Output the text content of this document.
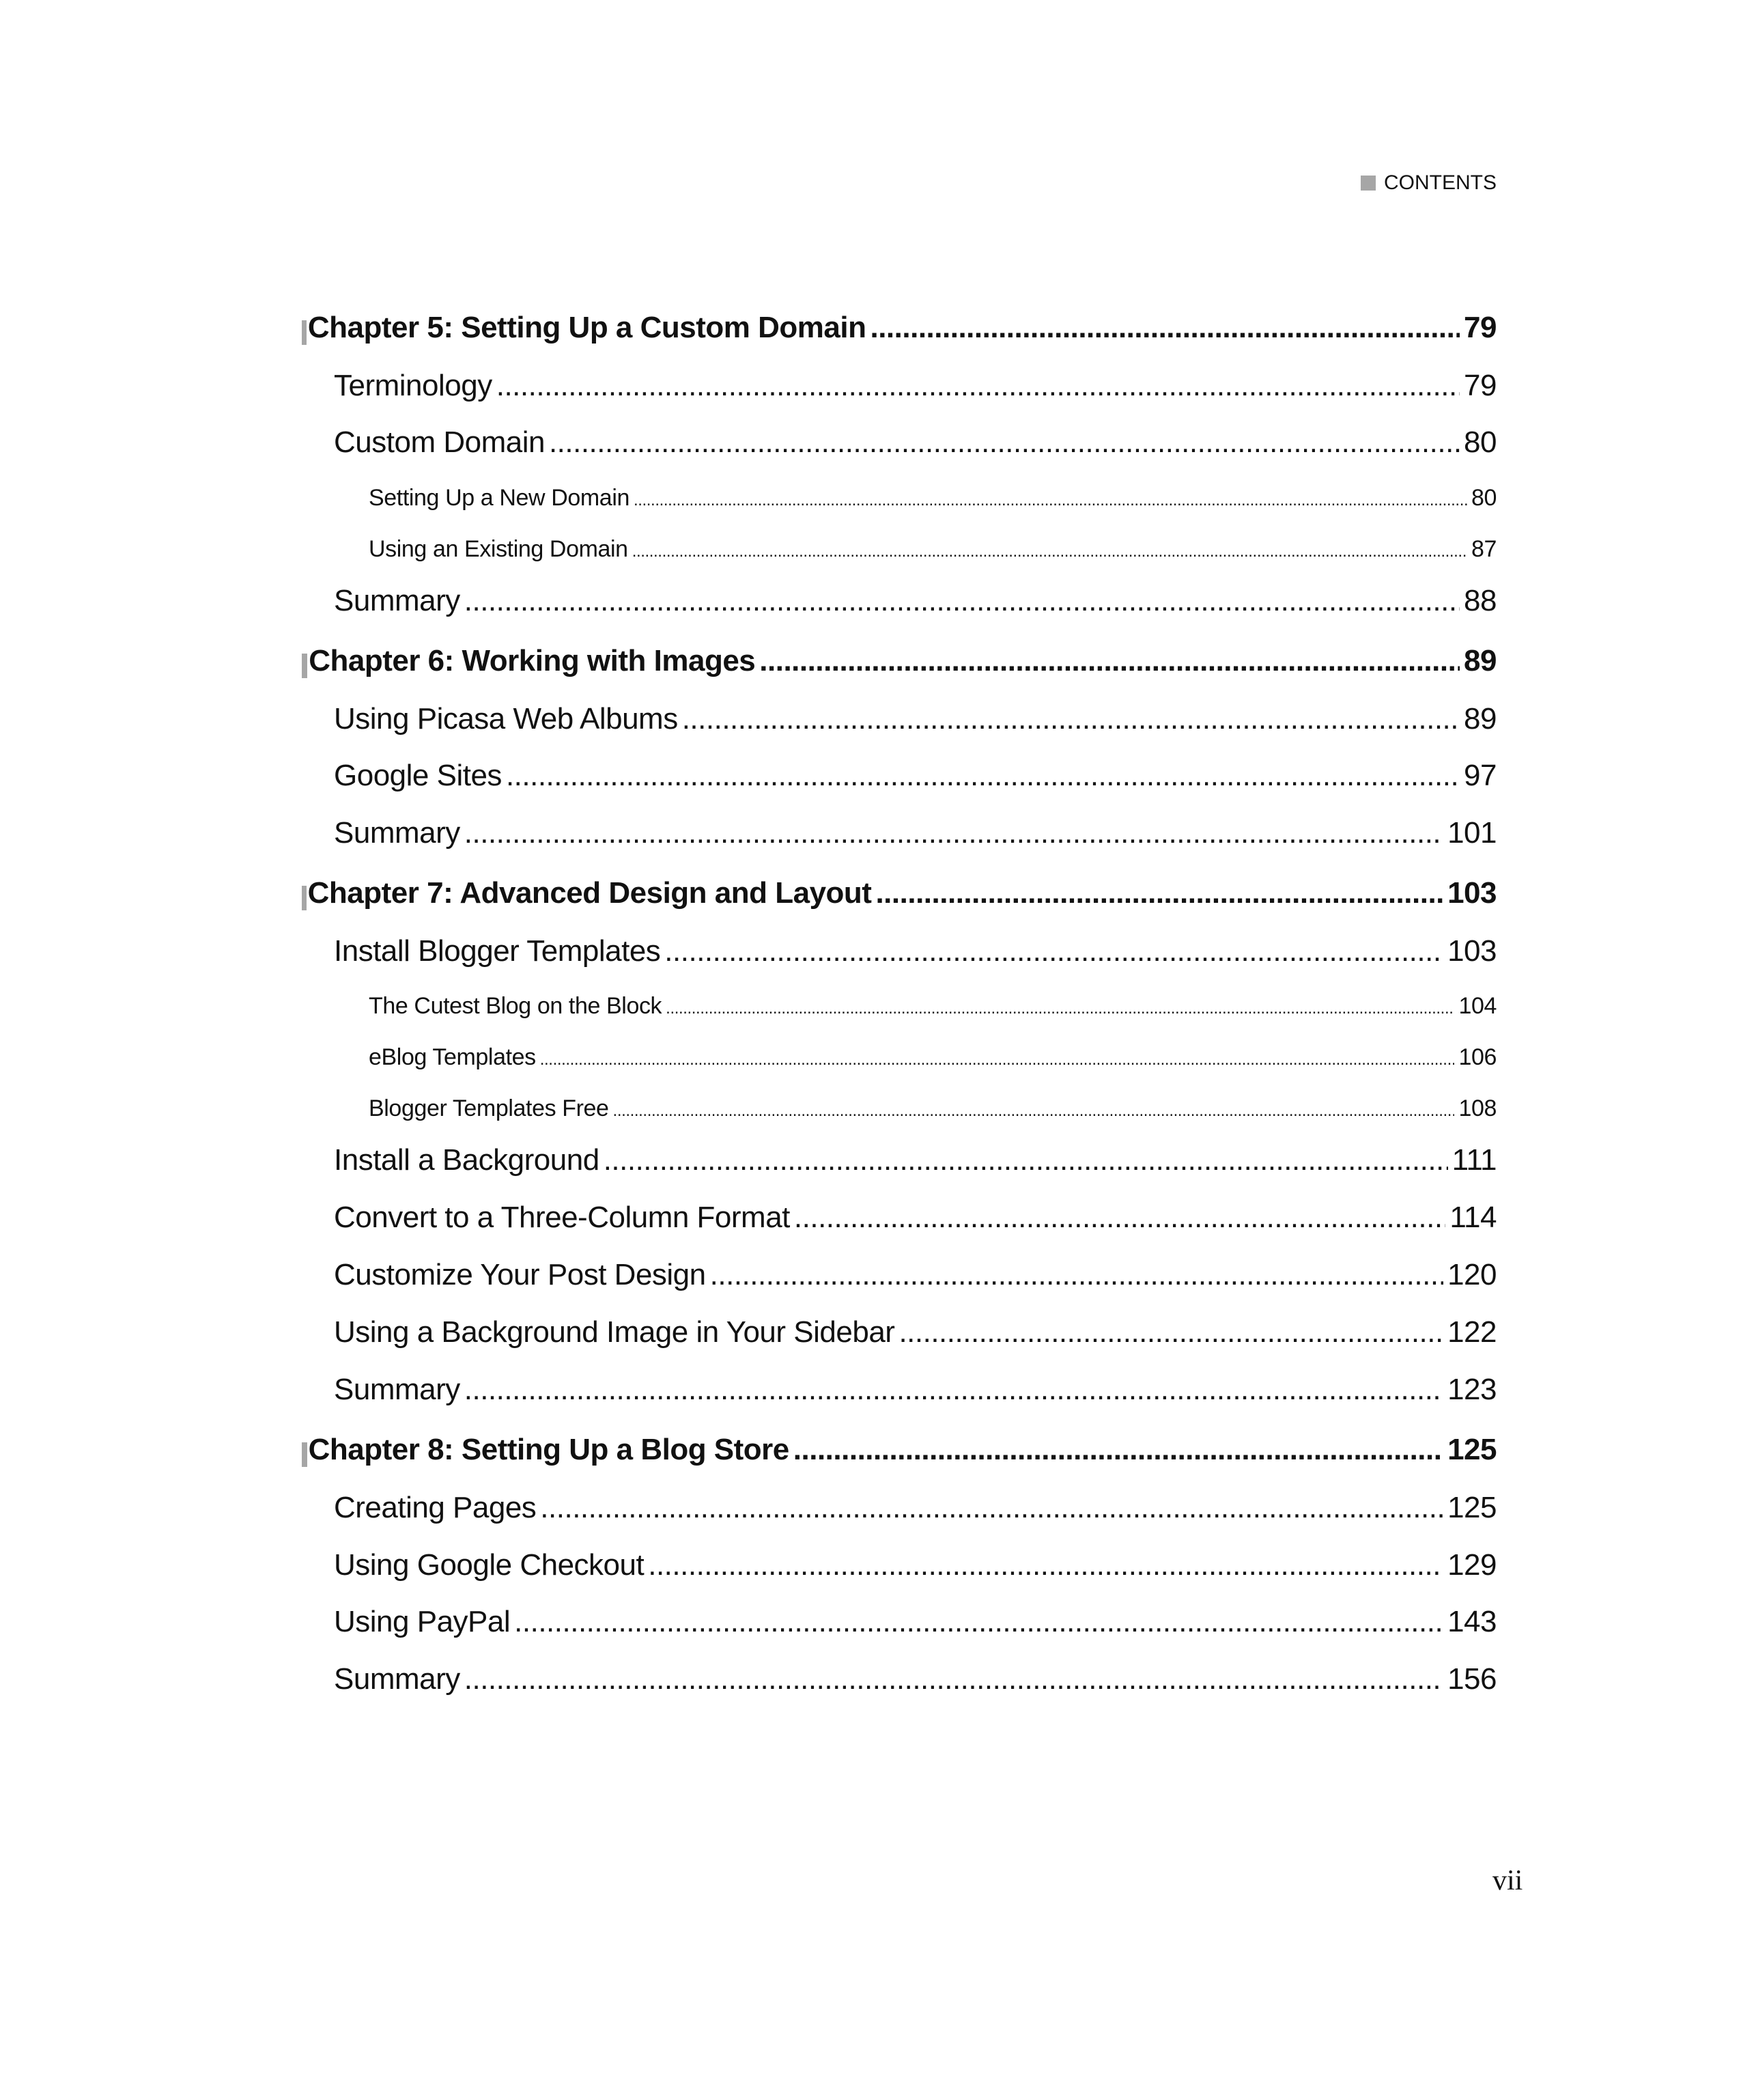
CONTENTS
Chapter 5: Setting Up a Custom Domain .....	79
Terminology .....	79
Custom Domain .....	80
Setting Up a New Domain .....	80
Using an Existing Domain .....	87
Summary .....	88
Chapter 6: Working with Images .....	89
Using Picasa Web Albums .....	89
Google Sites .....	97
Summary .....	101
Chapter 7: Advanced Design and Layout .....	103
Install Blogger Templates .....	103
The Cutest Blog on the Block .....	104
eBlog Templates .....	106
Blogger Templates Free .....	108
Install a Background .....	111
Convert to a Three-Column Format .....	114
Customize Your Post Design .....	120
Using a Background Image in Your Sidebar .....	122
Summary .....	123
Chapter 8: Setting Up a Blog Store .....	125
Creating Pages .....	125
Using Google Checkout .....	129
Using PayPal .....	143
Summary .....	156
vii
